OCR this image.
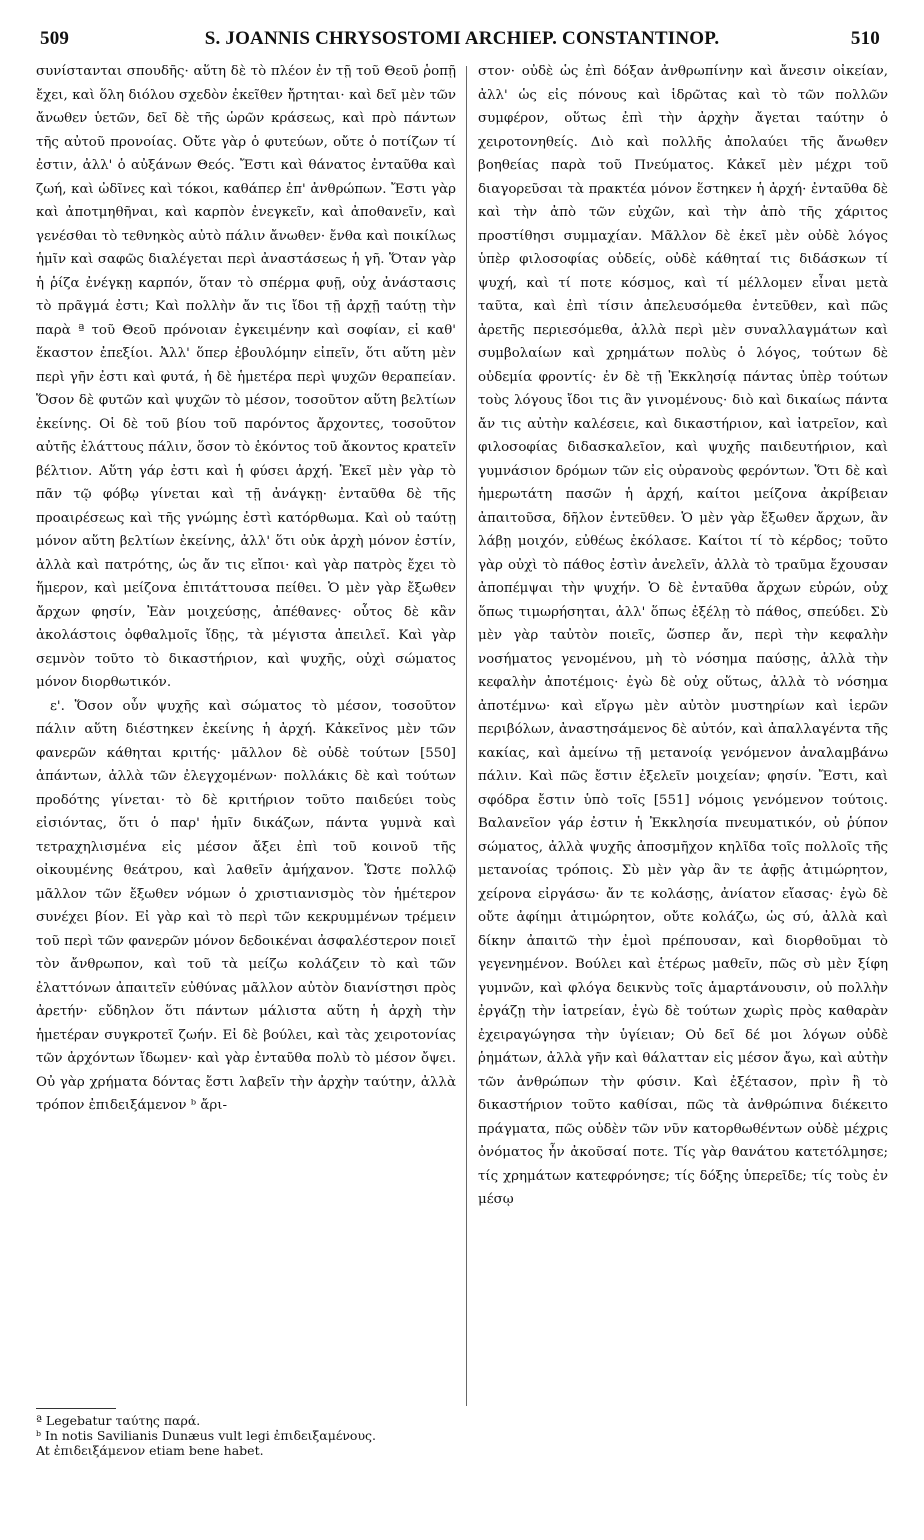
509	S. JOANNIS CHRYSOSTOMI ARCHIEP. CONSTANTINOP.	510

συνίστανται σπουδῆς· αὕτη δὲ τὸ πλέον ἐν τῇ τοῦ Θεοῦ ῥοπῇ ἔχει, καὶ ὅλη διόλου σχεδὸν ἐκεῖθεν ἤρτηται· καὶ δεῖ μὲν τῶν ἄνωθεν ὑετῶν, δεῖ δὲ τῆς ὡρῶν κράσεως, καὶ πρὸ πάντων τῆς αὐτοῦ προνοίας. Οὔτε γὰρ ὁ φυτεύων, οὔτε ὁ ποτίζων τί ἐστιν, ἀλλ' ὁ αὐξάνων Θεός. Ἔστι καὶ θάνατος ἐνταῦθα καὶ ζωή, καὶ ὠδῖνες καὶ τόκοι, καθάπερ ἐπ' ἀνθρώπων. Ἔστι γὰρ καὶ ἀποτμηθῆναι, καὶ καρπὸν ἐνεγκεῖν, καὶ ἀποθανεῖν, καὶ γενέσθαι τὸ τεθνηκὸς αὐτὸ πάλιν ἄνωθεν· ἔνθα καὶ ποικίλως ἡμῖν καὶ σαφῶς διαλέγεται περὶ ἀναστάσεως ἡ γῆ. Ὅταν γὰρ ἡ ῥίζα ἐνέγκῃ καρπόν, ὅταν τὸ σπέρμα φυῇ, οὐχ ἀνάστασις τὸ πρᾶγμά ἐστι; Καὶ πολλὴν ἄν τις ἴδοι τῇ ἀρχῇ ταύτῃ τὴν παρὰ ª τοῦ Θεοῦ πρόνοιαν ἐγκειμένην καὶ σοφίαν, εἰ καθ' ἕκαστον ἐπεξίοι. Ἀλλ' ὅπερ ἐβουλόμην εἰπεῖν, ὅτι αὕτη μὲν περὶ γῆν ἐστι καὶ φυτά, ἡ δὲ ἡμετέρα περὶ ψυχῶν θεραπείαν. Ὅσον δὲ φυτῶν καὶ ψυχῶν τὸ μέσον, τοσοῦτον αὕτη βελτίων ἐκείνης. Οἱ δὲ τοῦ βίου τοῦ παρόντος ἄρχοντες, τοσοῦτον αὐτῆς ἐλάττους πάλιν, ὅσον τὸ ἑκόντος τοῦ ἄκοντος κρατεῖν βέλτιον. Αὕτη γάρ ἐστι καὶ ἡ φύσει ἀρχή. Ἐκεῖ μὲν γὰρ τὸ πᾶν τῷ φόβῳ γίνεται καὶ τῇ ἀνάγκῃ· ἐνταῦθα δὲ τῆς προαιρέσεως καὶ τῆς γνώμης ἐστὶ κατόρθωμα. Καὶ οὐ ταύτῃ μόνον αὕτη βελτίων ἐκείνης, ἀλλ' ὅτι οὐκ ἀρχὴ μόνον ἐστίν, ἀλλὰ καὶ πατρότης, ὡς ἄν τις εἴποι· καὶ γὰρ πατρὸς ἔχει τὸ ἥμερον, καὶ μείζονα ἐπιτάττουσα πείθει. Ὁ μὲν γὰρ ἔξωθεν ἄρχων φησίν, Ἐὰν μοιχεύσῃς, ἀπέθανες· οὗτος δὲ κἂν ἀκολάστοις ὀφθαλμοῖς ἴδῃς, τὰ μέγιστα ἀπειλεῖ. Καὶ γὰρ σεμνὸν τοῦτο τὸ δικαστήριον, καὶ ψυχῆς, οὐχὶ σώματος μόνον διορθωτικόν.

ε'. Ὅσον οὖν ψυχῆς καὶ σώματος τὸ μέσον, τοσοῦτον πάλιν αὕτη διέστηκεν ἐκείνης ἡ ἀρχή. Κἀκεῖνος μὲν τῶν φανερῶν κάθηται κριτής· μᾶλλον δὲ οὐδὲ τούτων [550] ἁπάντων, ἀλλὰ τῶν ἐλεγχομένων· πολλάκις δὲ καὶ τούτων προδότης γίνεται· τὸ δὲ κριτήριον τοῦτο παιδεύει τοὺς εἰσιόντας, ὅτι ὁ παρ' ἡμῖν δικάζων, πάντα γυμνὰ καὶ τετραχηλισμένα εἰς μέσον ἄξει ἐπὶ τοῦ κοινοῦ τῆς οἰκουμένης θεάτρου, καὶ λαθεῖν ἀμήχανον. Ὥστε πολλῷ μᾶλλον τῶν ἔξωθεν νόμων ὁ χριστιανισμὸς τὸν ἡμέτερον συνέχει βίον. Εἰ γὰρ καὶ τὸ περὶ τῶν κεκρυμμένων τρέμειν τοῦ περὶ τῶν φανερῶν μόνον δεδοικέναι ἀσφαλέστερον ποιεῖ τὸν ἄνθρωπον, καὶ τοῦ τὰ μείζω κολάζειν τὸ καὶ τῶν ἐλαττόνων ἀπαιτεῖν εὐθύνας μᾶλλον αὐτὸν διανίστησι πρὸς ἀρετήν· εὔδηλον ὅτι πάντων μάλιστα αὕτη ἡ ἀρχὴ τὴν ἡμετέραν συγκροτεῖ ζωήν. Εἰ δὲ βούλει, καὶ τὰς χειροτονίας τῶν ἀρχόντων ἴδωμεν· καὶ γὰρ ἐνταῦθα πολὺ τὸ μέσον ὄψει. Οὐ γὰρ χρήματα δόντας ἔστι λαβεῖν τὴν ἀρχὴν ταύτην, ἀλλὰ τρόπον ἐπιδειξάμενον ᵇ ἄρι-

στον· οὐδὲ ὡς ἐπὶ δόξαν ἀνθρωπίνην καὶ ἄνεσιν οἰκείαν, ἀλλ' ὡς εἰς πόνους καὶ ἱδρῶτας καὶ τὸ τῶν πολλῶν συμφέρον, οὕτως ἐπὶ τὴν ἀρχὴν ἄγεται ταύτην ὁ χειροτονηθείς. Διὸ καὶ πολλῆς ἀπολαύει τῆς ἄνωθεν βοηθείας παρὰ τοῦ Πνεύματος. Κἀκεῖ μὲν μέχρι τοῦ διαγορεῦσαι τὰ πρακτέα μόνον ἕστηκεν ἡ ἀρχή· ἐνταῦθα δὲ καὶ τὴν ἀπὸ τῶν εὐχῶν, καὶ τὴν ἀπὸ τῆς χάριτος προστίθησι συμμαχίαν. Μᾶλλον δὲ ἐκεῖ μὲν οὐδὲ λόγος ὑπὲρ φιλοσοφίας οὐδείς, οὐδὲ κάθηταί τις διδάσκων τί ψυχή, καὶ τί ποτε κόσμος, καὶ τί μέλλομεν εἶναι μετὰ ταῦτα, καὶ ἐπὶ τίσιν ἀπελευσόμεθα ἐντεῦθεν, καὶ πῶς ἀρετῆς περιεσόμεθα, ἀλλὰ περὶ μὲν συναλλαγμάτων καὶ συμβολαίων καὶ χρημάτων πολὺς ὁ λόγος, τούτων δὲ οὐδεμία φροντίς· ἐν δὲ τῇ Ἐκκλησίᾳ πάντας ὑπὲρ τούτων τοὺς λόγους ἴδοι τις ἂν γινομένους· διὸ καὶ δικαίως πάντα ἄν τις αὐτὴν καλέσειε, καὶ δικαστήριον, καὶ ἰατρεῖον, καὶ φιλοσοφίας διδασκαλεῖον, καὶ ψυχῆς παιδευτήριον, καὶ γυμνάσιον δρόμων τῶν εἰς οὐρανοὺς φερόντων. Ὅτι δὲ καὶ ἡμερωτάτη πασῶν ἡ ἀρχή, καίτοι μείζονα ἀκρίβειαν ἀπαιτοῦσα, δῆλον ἐντεῦθεν. Ὁ μὲν γὰρ ἔξωθεν ἄρχων, ἂν λάβῃ μοιχόν, εὐθέως ἐκόλασε. Καίτοι τί τὸ κέρδος; τοῦτο γὰρ οὐχὶ τὸ πάθος ἐστὶν ἀνελεῖν, ἀλλὰ τὸ τραῦμα ἔχουσαν ἀποπέμψαι τὴν ψυχήν. Ὁ δὲ ἐνταῦθα ἄρχων εὑρών, οὐχ ὅπως τιμωρήσηται, ἀλλ' ὅπως ἐξέλῃ τὸ πάθος, σπεύδει. Σὺ μὲν γὰρ ταὐτὸν ποιεῖς, ὥσπερ ἄν, περὶ τὴν κεφαλὴν νοσήματος γενομένου, μὴ τὸ νόσημα παύσῃς, ἀλλὰ τὴν κεφαλὴν ἀποτέμοις· ἐγὼ δὲ οὐχ οὕτως, ἀλλὰ τὸ νόσημα ἀποτέμνω· καὶ εἴργω μὲν αὐτὸν μυστηρίων καὶ ἱερῶν περιβόλων, ἀναστησάμενος δὲ αὐτόν, καὶ ἀπαλλαγέντα τῆς κακίας, καὶ ἀμείνω τῇ μετανοίᾳ γενόμενον ἀναλαμβάνω πάλιν. Καὶ πῶς ἔστιν ἐξελεῖν μοιχείαν; φησίν. Ἔστι, καὶ σφόδρα ἔστιν ὑπὸ τοῖς [551] νόμοις γενόμενον τούτοις. Βαλανεῖον γάρ ἐστιν ἡ Ἐκκλησία πνευματικόν, οὐ ῥύπον σώματος, ἀλλὰ ψυχῆς ἀποσμῆχον κηλῖδα τοῖς πολλοῖς τῆς μετανοίας τρόποις. Σὺ μὲν γὰρ ἂν τε ἀφῇς ἀτιμώρητον, χείρονα εἰργάσω· ἄν τε κολάσῃς, ἀνίατον εἴασας· ἐγὼ δὲ οὔτε ἀφίημι ἀτιμώρητον, οὔτε κολάζω, ὡς σύ, ἀλλὰ καὶ δίκην ἀπαιτῶ τὴν ἐμοὶ πρέπουσαν, καὶ διορθοῦμαι τὸ γεγενημένον. Βούλει καὶ ἑτέρως μαθεῖν, πῶς σὺ μὲν ξίφη γυμνῶν, καὶ φλόγα δεικνὺς τοῖς ἁμαρτάνουσιν, οὐ πολλὴν ἐργάζῃ τὴν ἰατρείαν, ἐγὼ δὲ τούτων χωρὶς πρὸς καθαρὰν ἐχειραγώγησα τὴν ὑγίειαν; Οὐ δεῖ δέ μοι λόγων οὐδὲ ῥημάτων, ἀλλὰ γῆν καὶ θάλατταν εἰς μέσον ἄγω, καὶ αὐτὴν τῶν ἀνθρώπων τὴν φύσιν. Καὶ ἐξέτασον, πρὶν ἢ τὸ δικαστήριον τοῦτο καθίσαι, πῶς τὰ ἀνθρώπινα διέκειτο πράγματα, πῶς οὐδὲν τῶν νῦν κατορθωθέντων οὐδὲ μέχρις ὀνόματος ἦν ἀκοῦσαί ποτε. Τίς γὰρ θανάτου κατετόλμησε; τίς χρημάτων κατεφρόνησε; τίς δόξης ὑπερεῖδε; τίς τοὺς ἐν μέσῳ

ª Legebatur ταύτης παρά.
ᵇ In notis Savilianis Dunæus vult legi ἐπιδειξαμένους.
At ἐπιδειξάμενον etiam bene habet.
